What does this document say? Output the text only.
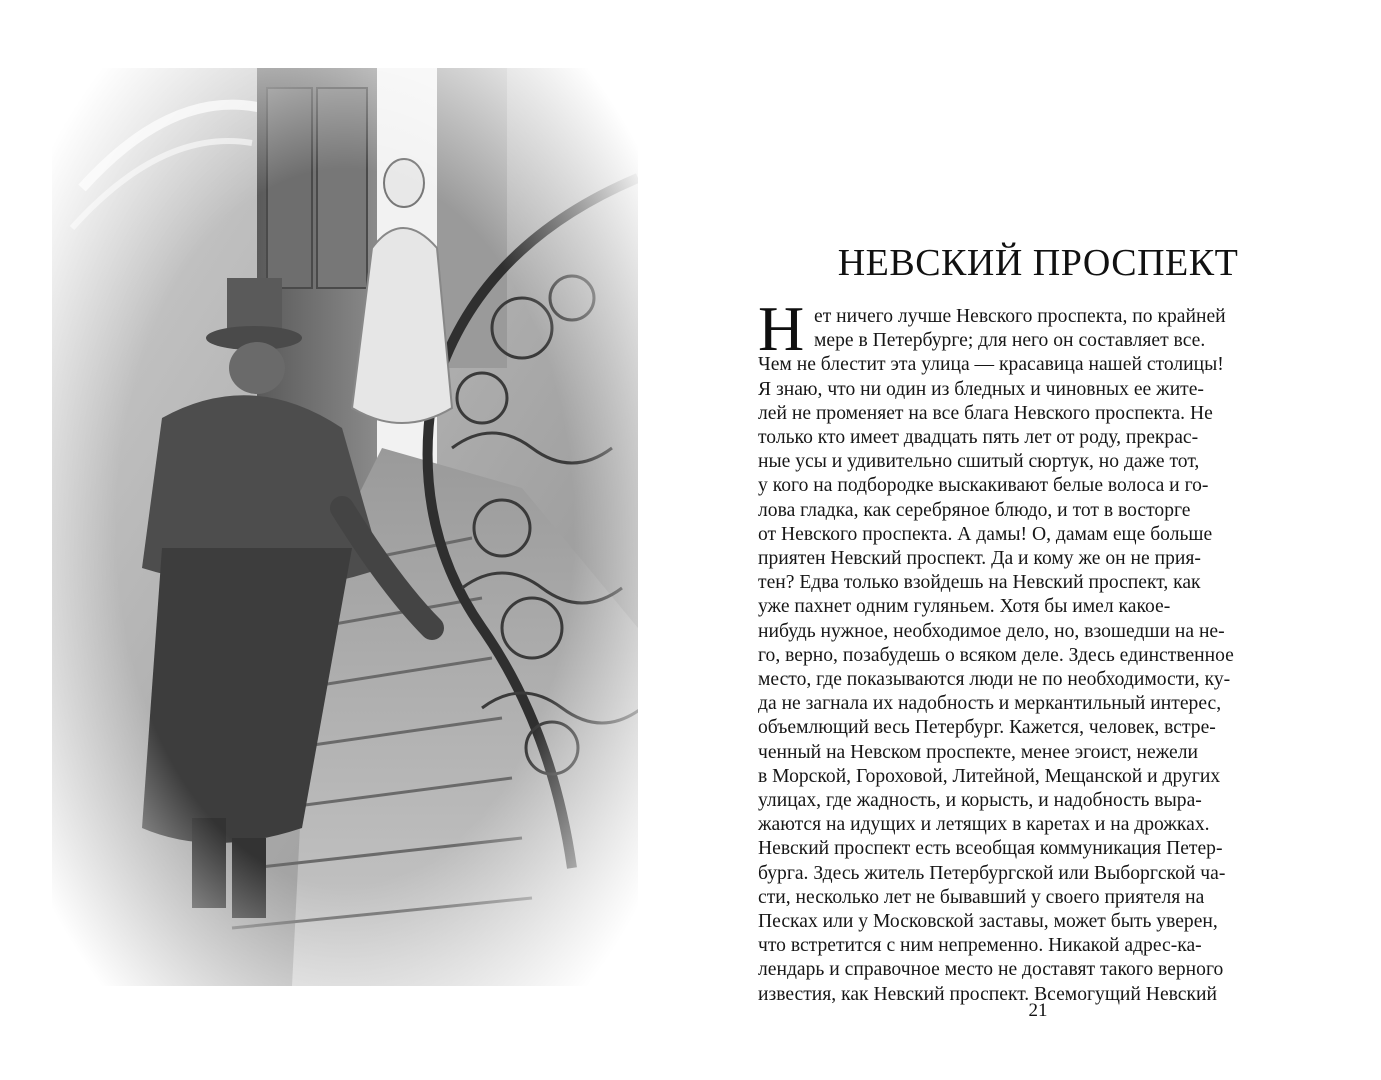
НЕВСКИЙ ПРОСПЕКТ
Н ет ничего лучше Невского проспекта, по крайней
мере в Петербурге; для него он составляет все.
Чем не блестит эта улица — красавица нашей столицы!
Я знаю, что ни один из бледных и чиновных ее жите-
лей не променяет на все блага Невского проспекта. Не
только кто имеет двадцать пять лет от роду, прекрас-
ные усы и удивительно сшитый сюртук, но даже тот,
у кого на подбородке выскакивают белые волоса и го-
лова гладка, как серебряное блюдо, и тот в восторге
от Невского проспекта. А дамы! О, дамам еще больше
приятен Невский проспект. Да и кому же он не прия-
тен? Едва только взойдешь на Невский проспект, как
уже пахнет одним гуляньем. Хотя бы имел какое-
нибудь нужное, необходимое дело, но, взошедши на не-
го, верно, позабудешь о всяком деле. Здесь единственное
место, где показываются люди не по необходимости, ку-
да не загнала их надобность и меркантильный интерес,
объемлющий весь Петербург. Кажется, человек, встре-
ченный на Невском проспекте, менее эгоист, нежели
в Морской, Гороховой, Литейной, Мещанской и других
улицах, где жадность, и корысть, и надобность выра-
жаются на идущих и летящих в каретах и на дрожках.
Невский проспект есть всеобщая коммуникация Петер-
бурга. Здесь житель Петербургской или Выборгской ча-
сти, несколько лет не бывавший у своего приятеля на
Песках или у Московской заставы, может быть уверен,
что встретится с ним непременно. Никакой адрес-ка-
лендарь и справочное место не доставят такого верного
известия, как Невский проспект. Всемогущий Невский
21
